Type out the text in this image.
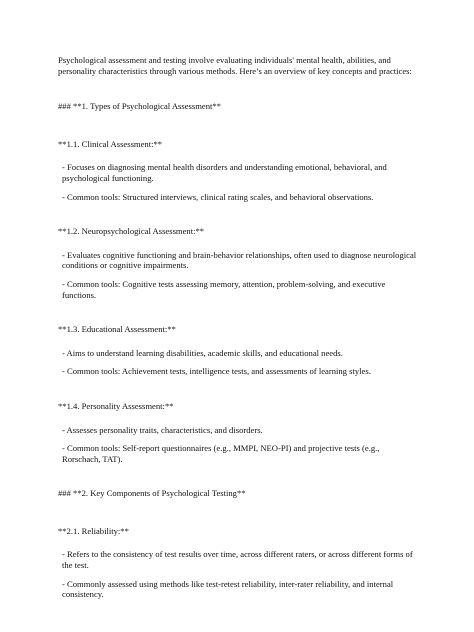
Psychological assessment and testing involve evaluating individuals' mental health, abilities, and personality characteristics through various methods. Here’s an overview of key concepts and practices:

### **1. Types of Psychological Assessment**

**1.1. Clinical Assessment:**

- Focuses on diagnosing mental health disorders and understanding emotional, behavioral, and psychological functioning.

- Common tools: Structured interviews, clinical rating scales, and behavioral observations.

**1.2. Neuropsychological Assessment:**

- Evaluates cognitive functioning and brain-behavior relationships, often used to diagnose neurological conditions or cognitive impairments.

- Common tools: Cognitive tests assessing memory, attention, problem-solving, and executive functions.

**1.3. Educational Assessment:**

- Aims to understand learning disabilities, academic skills, and educational needs.

- Common tools: Achievement tests, intelligence tests, and assessments of learning styles.

**1.4. Personality Assessment:**

- Assesses personality traits, characteristics, and disorders.

- Common tools: Self-report questionnaires (e.g., MMPI, NEO-PI) and projective tests (e.g., Rorschach, TAT).

### **2. Key Components of Psychological Testing**

**2.1. Reliability:**

- Refers to the consistency of test results over time, across different raters, or across different forms of the test.

- Commonly assessed using methods like test-retest reliability, inter-rater reliability, and internal consistency.
